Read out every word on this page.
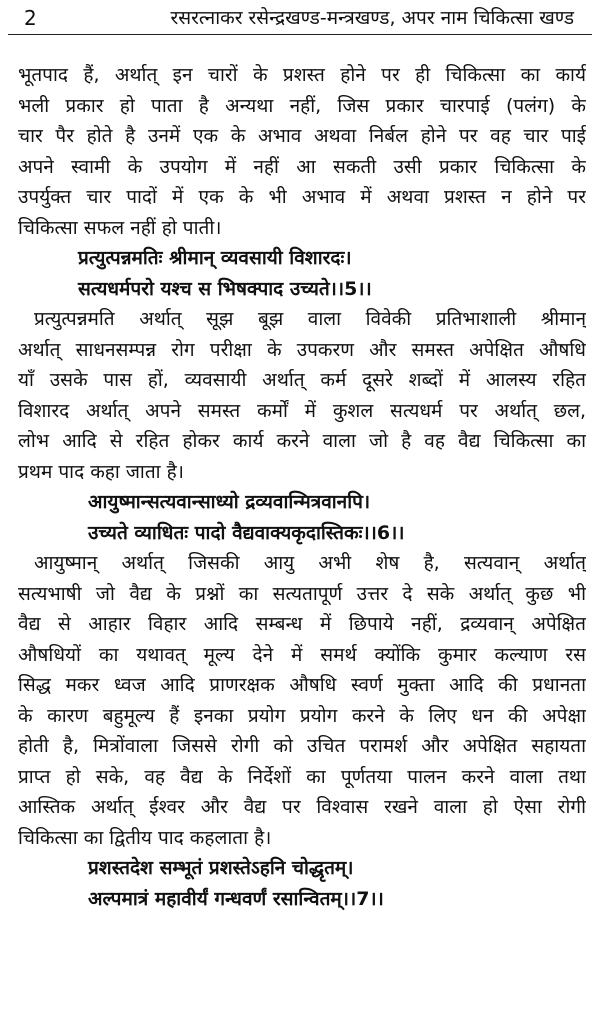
2	रसरत्नाकर रसेन्द्रखण्ड-मन्त्रखण्ड, अपर नाम चिकित्सा खण्ड
भूतपाद हैं, अर्थात् इन चारों के प्रशस्त होने पर ही चिकित्सा का कार्य
भली प्रकार हो पाता है अन्यथा नहीं, जिस प्रकार चारपाई (पलंग) के
चार पैर होते है उनमें एक के अभाव अथवा निर्बल होने पर वह चार पाई
अपने स्वामी के उपयोग में नहीं आ सकती उसी प्रकार चिकित्सा के
उपर्युक्त चार पादों में एक के भी अभाव में अथवा प्रशस्त न होने पर
चिकित्सा सफल नहीं हो पाती।
प्रत्युत्पन्नमतिः श्रीमान् व्यवसायी विशारदः।
सत्यधर्मपरो यश्च स भिषक्पाद उच्यते।।5।।
प्रत्युत्पन्नमति अर्थात् सूझ बूझ वाला विवेकी प्रतिभाशाली श्रीमान्
अर्थात् साधनसम्पन्न रोग परीक्षा के उपकरण और समस्त अपेक्षित औषधि
याँ उसके पास हों, व्यवसायी अर्थात् कर्म दूसरे शब्दों में आलस्य रहित
विशारद अर्थात् अपने समस्त कर्मों में कुशल सत्यधर्म पर अर्थात् छल,
लोभ आदि से रहित होकर कार्य करने वाला जो है वह वैद्य चिकित्सा का
प्रथम पाद कहा जाता है।
आयुष्मान्सत्यवान्साध्यो द्रव्यवान्मित्रवानपि।
उच्यते व्याधितः पादो वैद्यवाक्यकृदास्तिकः।।6।।
आयुष्मान् अर्थात् जिसकी आयु अभी शेष है, सत्यवान् अर्थात्
सत्यभाषी जो वैद्य के प्रश्नों का सत्यतापूर्ण उत्तर दे सके अर्थात् कुछ भी
वैद्य से आहार विहार आदि सम्बन्ध में छिपाये नहीं, द्रव्यवान् अपेक्षित
औषधियों का यथावत् मूल्य देने में समर्थ क्योंकि कुमार कल्याण रस
सिद्ध मकर ध्वज आदि प्राणरक्षक औषधि स्वर्ण मुक्ता आदि की प्रधानता
के कारण बहुमूल्य हैं इनका प्रयोग प्रयोग करने के लिए धन की अपेक्षा
होती है, मित्रोंवाला जिससे रोगी को उचित परामर्श और अपेक्षित सहायता
प्राप्त हो सके, वह वैद्य के निर्देशों का पूर्णतया पालन करने वाला तथा
आस्तिक अर्थात् ईश्वर और वैद्य पर विश्वास रखने वाला हो ऐसा रोगी
चिकित्सा का द्वितीय पाद कहलाता है।
प्रशस्तदेश सम्भूतं प्रशस्तेऽहनि चोद्धृतम्।
अल्पमात्रं महावीर्यं गन्धवर्णं रसान्वितम्।।7।।
